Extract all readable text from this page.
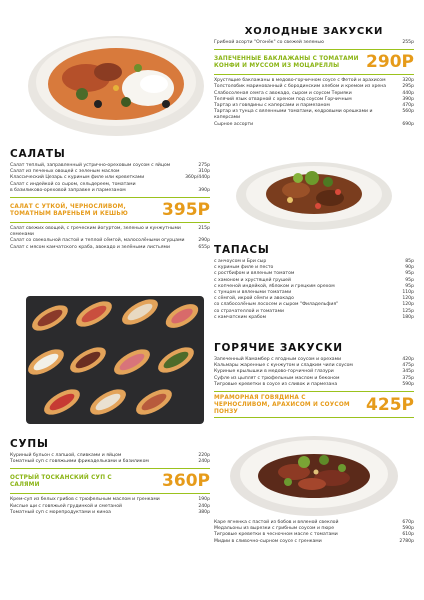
САЛАТЫ
Салат теплый, заправленный устрично-ореховым соусом с яйцом	275р
Салат из печеных овощей с зеленым маслом	310р
Классический Цезарь с куриным филе или креветками	360р/440р
Салат с индейкой со сыром, сельдереем, томатами
в базиликово-ореховой заправке и пармезаном	390р
САЛАТ С УТКОЙ, ЧЕРНОСЛИВОМ, ТОМАТНЫМ ВАРЕНЬЕМ И КЕШЬЮ	395Р
Салат свежих овощей, с греческим йогуртом, зеленью и кунжутными семенами
215р
Салат со свекольной пастой и теплой сёмгой, малосолёными огурцами	290р
Салат с мясом камчатского краба, авокадо и зелёными листьями	655р
СУПЫ
Куриный бульон с лапшой, сливками и яйцом	220р
Томатный суп с говяжьими фрикадельками и базиликом	240р
ОСТРЫЙ ТОСКАНСКИЙ СУП С САЛЯМИ	360Р
Крем-суп из белых грибов с трюфельным маслом и гренками	190р
Кислые щи с говяжьей грудинкой и сметаной	240р
Томатный суп с морепродуктами и киноа	380р
ХОЛОДНЫЕ ЗАКУСКИ
Грибной асорти "Огонёк" со свежей зеленью	255р
ЗАПЕЧЕННЫЕ БАКЛАЖАНЫ С ТОМАТАМИ КОНФИ И МУССОМ ИЗ МОЦАРЕЛЛЫ	290Р
Хрустящие баклажаны в медово-горчичном соусе с Фетой и арахисом	320р
Толстолобик маринованный с бородинским хлебом и кремом из хрена	295р
Слабосоленая семга с авокадо, сыром и соусом Терияки	440р
Телячий язык отварной с хреном под соусом Горчичным	390р
Тартар из говядины с каперсами и пармезаном	470р
Тартар из тунца с вяленными томатами, кедровыми орешками и каперсами
560р
Сырное ассорти	690р
ТАПАСЫ
с анчоусом и Бри сыр	85р
с куриным филе и песто	90р
с ростбифом и вяленым томатом	95р
с хамоном и хрустящей грушей	95р
с копченой индейкой, яблоком и грецким орехом	95р
с тунцом и вялеными томатами	110р
с сёмгой, икрой сёмги и авокадо	120р
со слабосолёным лососем и сыром "Филадельфия"	120р
со страчателлой и томатами	125р
с камчатским крабом	180р
ГОРЯЧИЕ ЗАКУСКИ
Запеченный Камамбер с ягодным соусом и орехами	420р
Кальмары жаренные с кунжутом и сладким чили соусом	475р
Куриные крылышки в медово-горчичной глазури	345р
Суфле из цыплят с трюфельным маслом и беконом	375р
Тигровые креветки в соусе из сливок и пармезана	590р
МРАМОРНАЯ ГОВЯДИНА С ЧЕРНОСЛИВОМ, АРАХИСОМ И СОУСОМ ПОНЗУ	425Р
Каре ягненка с пастой из бобов и вяленой свеклой	670р
Медальоны из вырезки с грибным соусом и пюре	590р
Тигровые креветки в чесночном масле с томатами	610р
Мидии в сливочно-сырном соусе с гренками	2780р
